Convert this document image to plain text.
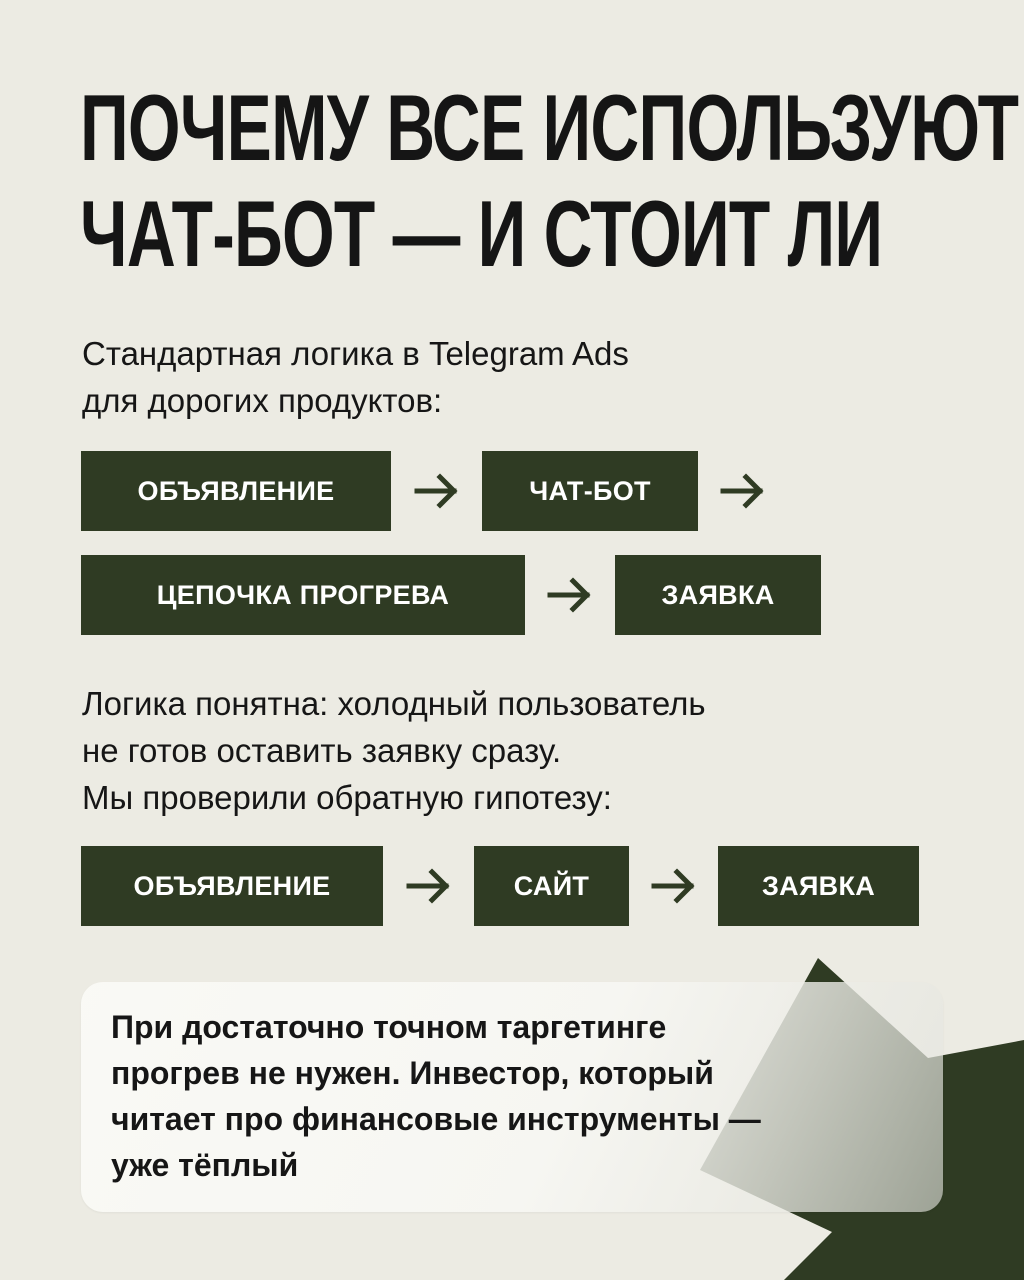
ПОЧЕМУ ВСЕ ИСПОЛЬЗУЮТ
ЧАТ-БОТ — И СТОИТ ЛИ

Стандартная логика в Telegram Ads
для дорогих продуктов:

ОБЪЯВЛЕНИЕ	ЧАТ-БОТ
ЦЕПОЧКА ПРОГРЕВА	ЗАЯВКА

Логика понятна: холодный пользователь
не готов оставить заявку сразу.
Мы проверили обратную гипотезу:

ОБЪЯВЛЕНИЕ	САЙТ	ЗАЯВКА

При достаточно точном таргетинге
прогрев не нужен. Инвестор, который
читает про финансовые инструменты —
уже тёплый
